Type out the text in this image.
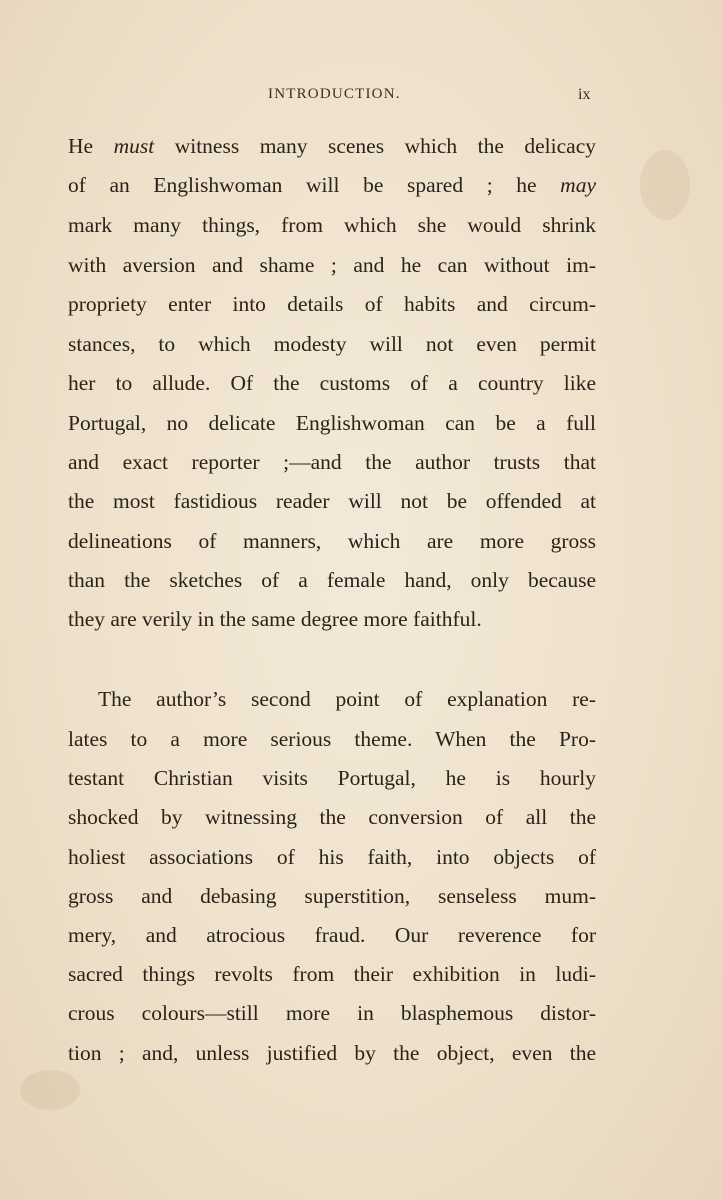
INTRODUCTION.	ix
He must witness many scenes which the delicacy
of an Englishwoman will be spared ; he may
mark many things, from which she would shrink
with aversion and shame ; and he can without im-
propriety enter into details of habits and circum-
stances, to which modesty will not even permit
her to allude. Of the customs of a country like
Portugal, no delicate Englishwoman can be a full
and exact reporter ;—and the author trusts that
the most fastidious reader will not be offended at
delineations of manners, which are more gross
than the sketches of a female hand, only because
they are verily in the same degree more faithful.
The author’s second point of explanation re-
lates to a more serious theme. When the Pro-
testant Christian visits Portugal, he is hourly
shocked by witnessing the conversion of all the
holiest associations of his faith, into objects of
gross and debasing superstition, senseless mum-
mery, and atrocious fraud. Our reverence for
sacred things revolts from their exhibition in ludi-
crous colours—still more in blasphemous distor-
tion ; and, unless justified by the object, even the
